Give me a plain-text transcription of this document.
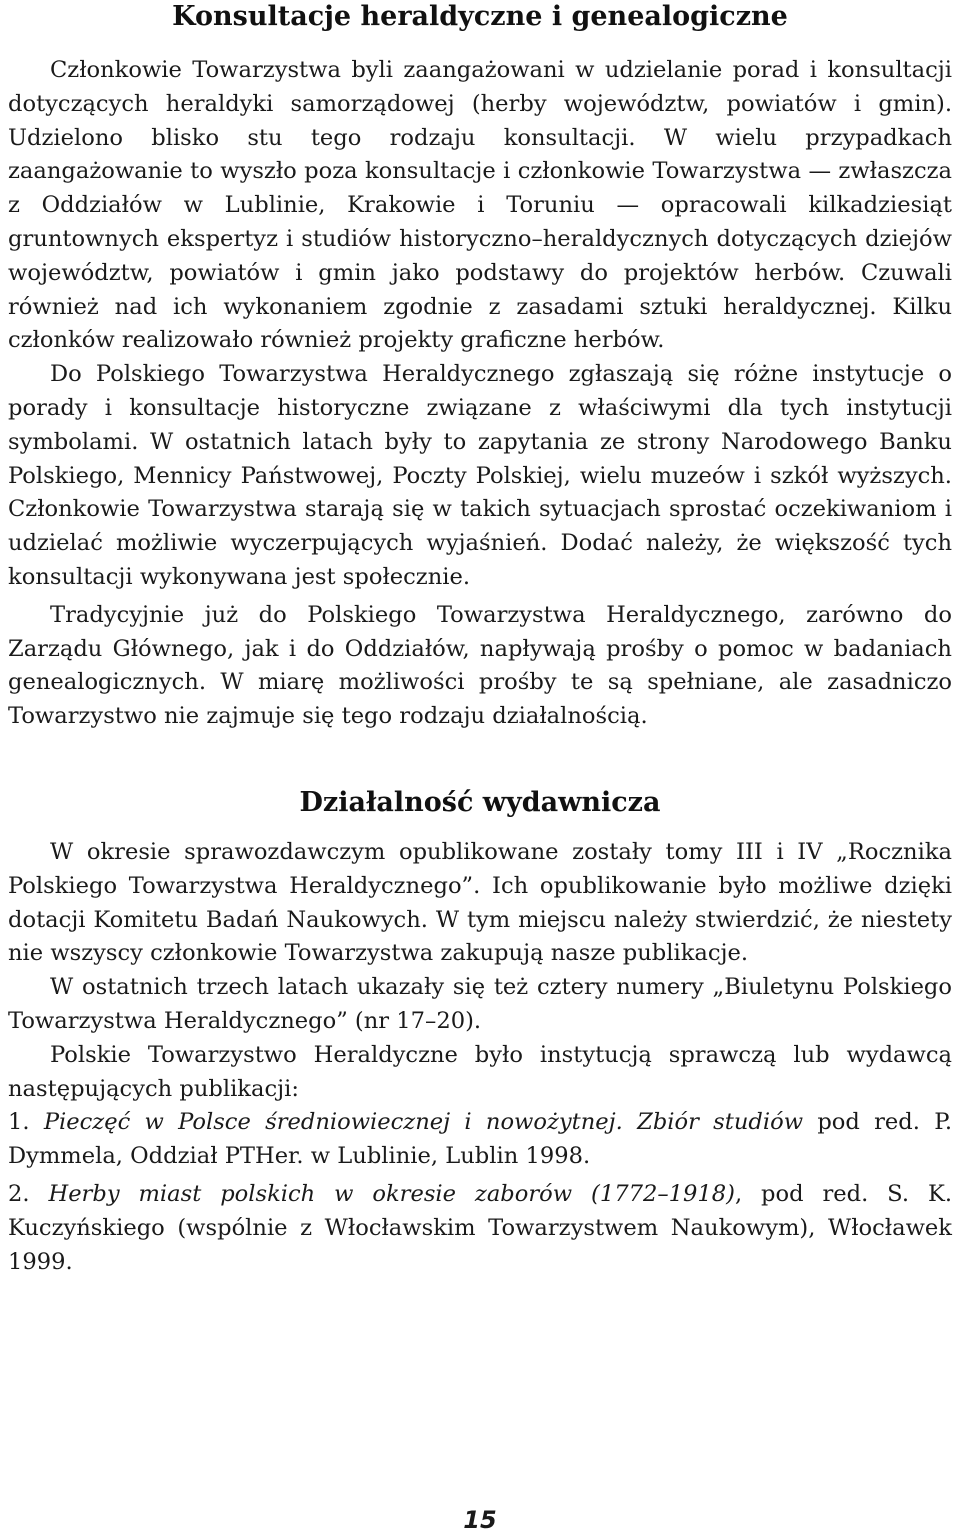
Konsultacje heraldyczne i genealogiczne

Członkowie Towarzystwa byli zaangażowani w udzielanie porad i konsultacji dotyczących heraldyki samorządowej (herby województw, powiatów i gmin). Udzielono blisko stu tego rodzaju konsultacji. W wielu przypadkach zaangażowanie to wyszło poza konsultacje i członkowie Towarzystwa — zwłaszcza z Oddziałów w Lublinie, Krakowie i Toruniu — opracowali kilkadziesiąt gruntownych ekspertyz i studiów historyczno–heraldycznych dotyczących dziejów województw, powiatów i gmin jako podstawy do projektów herbów. Czuwali również nad ich wykonaniem zgodnie z zasadami sztuki heraldycznej. Kilku członków realizowało również projekty graficzne herbów.

Do Polskiego Towarzystwa Heraldycznego zgłaszają się różne instytucje o porady i konsultacje historyczne związane z właściwymi dla tych instytucji symbolami. W ostatnich latach były to zapytania ze strony Narodowego Banku Polskiego, Mennicy Państwowej, Poczty Polskiej, wielu muzeów i szkół wyższych. Członkowie Towarzystwa starają się w takich sytuacjach sprostać oczekiwaniom i udzielać możliwie wyczerpujących wyjaśnień. Dodać należy, że większość tych konsultacji wykonywana jest społecznie.

Tradycyjnie już do Polskiego Towarzystwa Heraldycznego, zarówno do Zarządu Głównego, jak i do Oddziałów, napływają prośby o pomoc w badaniach genealogicznych. W miarę możliwości prośby te są spełniane, ale zasadniczo Towarzystwo nie zajmuje się tego rodzaju działalnością.

Działalność wydawnicza

W okresie sprawozdawczym opublikowane zostały tomy III i IV „Rocznika Polskiego Towarzystwa Heraldycznego”. Ich opublikowanie było możliwe dzięki dotacji Komitetu Badań Naukowych. W tym miejscu należy stwierdzić, że niestety nie wszyscy członkowie Towarzystwa zakupują nasze publikacje.

W ostatnich trzech latach ukazały się też cztery numery „Biuletynu Polskiego Towarzystwa Heraldycznego” (nr 17–20).

Polskie Towarzystwo Heraldyczne było instytucją sprawczą lub wydawcą następujących publikacji:

1. Pieczęć w Polsce średniowiecznej i nowożytnej. Zbiór studiów pod red. P. Dymmela, Oddział PTHer. w Lublinie, Lublin 1998.

2. Herby miast polskich w okresie zaborów (1772–1918), pod red. S. K. Kuczyńskiego (wspólnie z Włocławskim Towarzystwem Naukowym), Włocławek 1999.

15
